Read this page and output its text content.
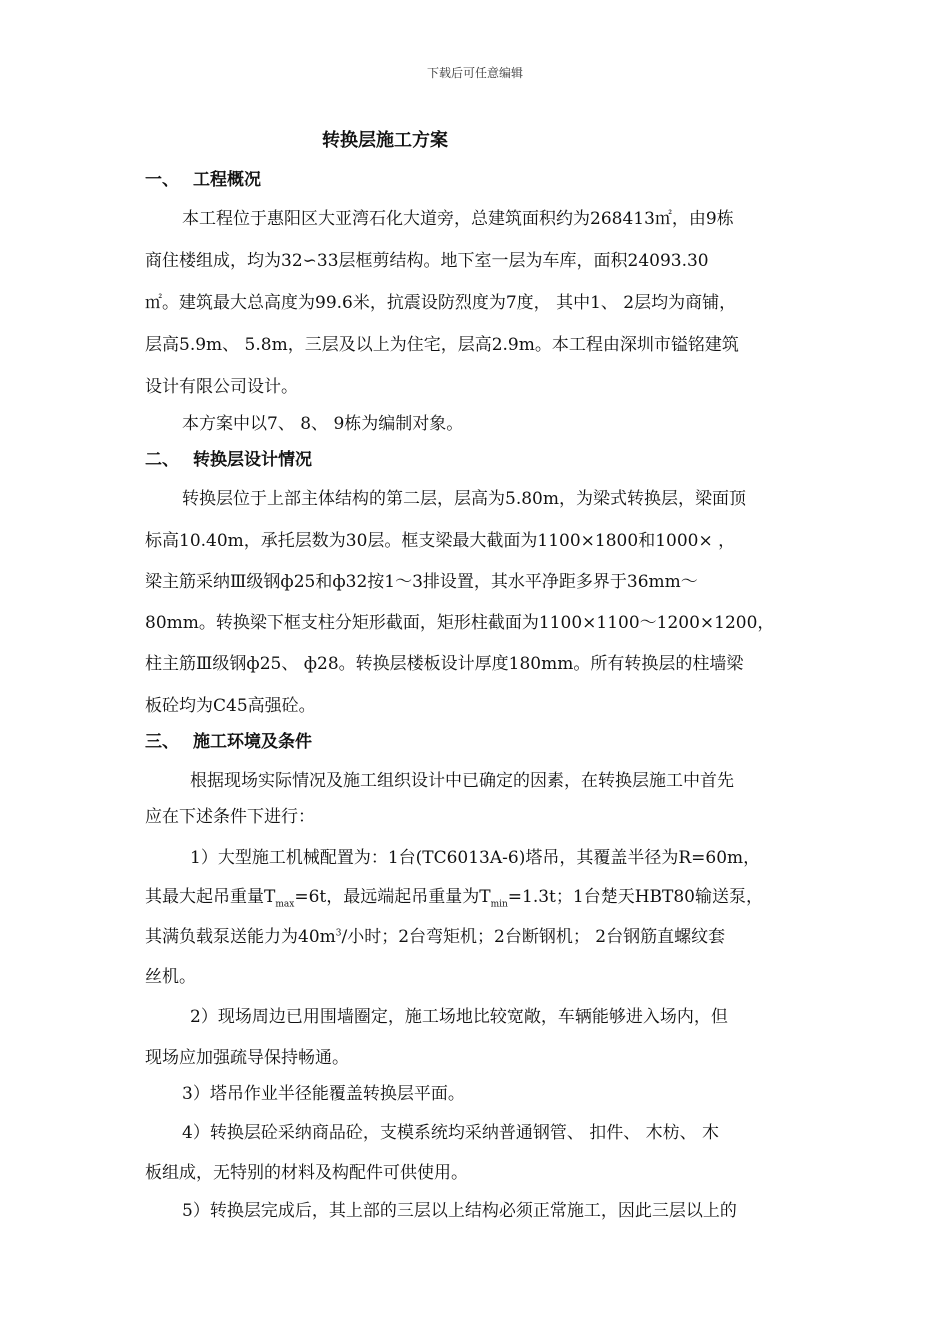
下载后可任意编辑
转换层施工方案
一、 工程概况
本工程位于惠阳区大亚湾石化大道旁，总建筑面积约为268413㎡，由9栋
商住楼组成，均为32∽33层框剪结构。地下室一层为车库，面积24093.30
㎡。建筑最大总高度为99.6米，抗震设防烈度为7度， 其中1、 2层均为商铺，
层高5.9m、 5.8m，三层及以上为住宅，层高2.9m。本工程由深圳市镒铭建筑
设计有限公司设计。
本方案中以7、 8、 9栋为编制对象。
二、 转换层设计情况
转换层位于上部主体结构的第二层，层高为5.80m，为梁式转换层，梁面顶
标高10.40m，承托层数为30层。框支梁最大截面为1100×1800和1000× ，
梁主筋采纳Ⅲ级钢ф25和ф32按1～3排设置，其水平净距多界于36mm～
80mm。转换梁下框支柱分矩形截面，矩形柱截面为1100×1100～1200×1200，
柱主筋Ⅲ级钢ф25、 ф28。转换层楼板设计厚度180mm。所有转换层的柱墙梁
板砼均为C45高强砼。
三、 施工环境及条件
根据现场实际情况及施工组织设计中已确定的因素，在转换层施工中首先
应在下述条件下进行：
1）大型施工机械配置为：1台(TC6013A-6)塔吊，其覆盖半径为R=60m，
其最大起吊重量$T_{max}=6t$，最远端起吊重量为$T_{min}=1.3t$；1台楚天HBT80输送泵，
其满负载泵送能力为$40m^3/$小时；2台弯矩机；2台断钢机； 2台钢筋直螺纹套
丝机。
2）现场周边已用围墙圈定，施工场地比较宽敞，车辆能够进入场内，但
现场应加强疏导保持畅通。
3）塔吊作业半径能覆盖转换层平面。
4）转换层砼采纳商品砼，支模系统均采纳普通钢管、 扣件、 木枋、 木
板组成，无特别的材料及构配件可供使用。
5）转换层完成后，其上部的三层以上结构必须正常施工，因此三层以上的
